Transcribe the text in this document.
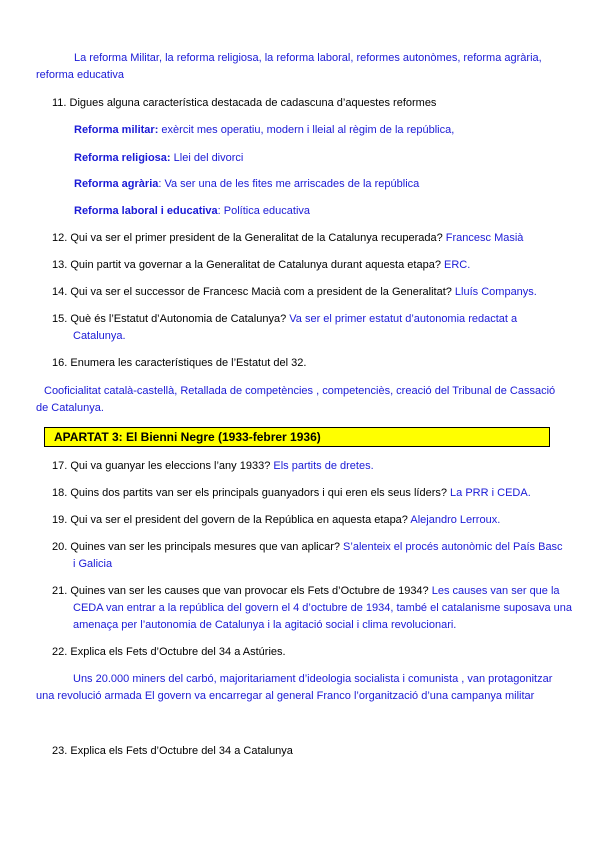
La reforma Militar, la reforma religiosa, la reforma laboral, reformes autonòmes, reforma agrària,
reforma educativa
11. Digues alguna característica destacada de cadascuna d’aquestes reformes
Reforma militar: exèrcit mes operatiu, modern i lleial al règim de la república,
Reforma religiosa: Llei del divorci
Reforma agrària: Va ser una de les fites me arriscades de la república
Reforma laboral i educativa: Política educativa
12. Qui va ser el primer president de la Generalitat de la Catalunya recuperada? Francesc Masià
13. Quin partit va governar a la Generalitat de Catalunya durant aquesta etapa? ERC.
14. Qui va ser el successor de Francesc Macià com a president de la Generalitat? Lluís Companys.
15. Què és l’Estatut d’Autonomia de Catalunya? Va ser el primer estatut d’autonomia redactat a
Catalunya.
16. Enumera les característiques de l’Estatut del 32.
Cooficialitat català-castellà, Retallada de competències , competenciès, creació del Tribunal de Cassació
de Catalunya.
APARTAT 3: El Bienni Negre (1933-febrer 1936)
17. Qui va guanyar les eleccions l’any 1933? Els partits de dretes.
18. Quins dos partits van ser els principals guanyadors i qui eren els seus líders? La PRR i CEDA.
19. Qui va ser el president del govern de la República en aquesta etapa? Alejandro Lerroux.
20. Quines van ser les principals mesures que van aplicar? S’alenteix el procés autonòmic del País Basc
i Galicia
21. Quines van ser les causes que van provocar els Fets d’Octubre de 1934? Les causes van ser que la
CEDA van entrar a la república del govern el 4 d’octubre de 1934, també el catalanisme suposava una
amenaça per l’autonomia de Catalunya i la agitació social i clima revolucionari.
22. Explica els Fets d’Octubre del 34 a Astúries.
Uns 20.000 miners del carbó, majoritariament d’ideologia socialista i comunista , van protagonitzar
una revolució armada El govern va encarregar al general Franco l’organització d’una campanya militar
23. Explica els Fets d’Octubre del 34 a Catalunya
